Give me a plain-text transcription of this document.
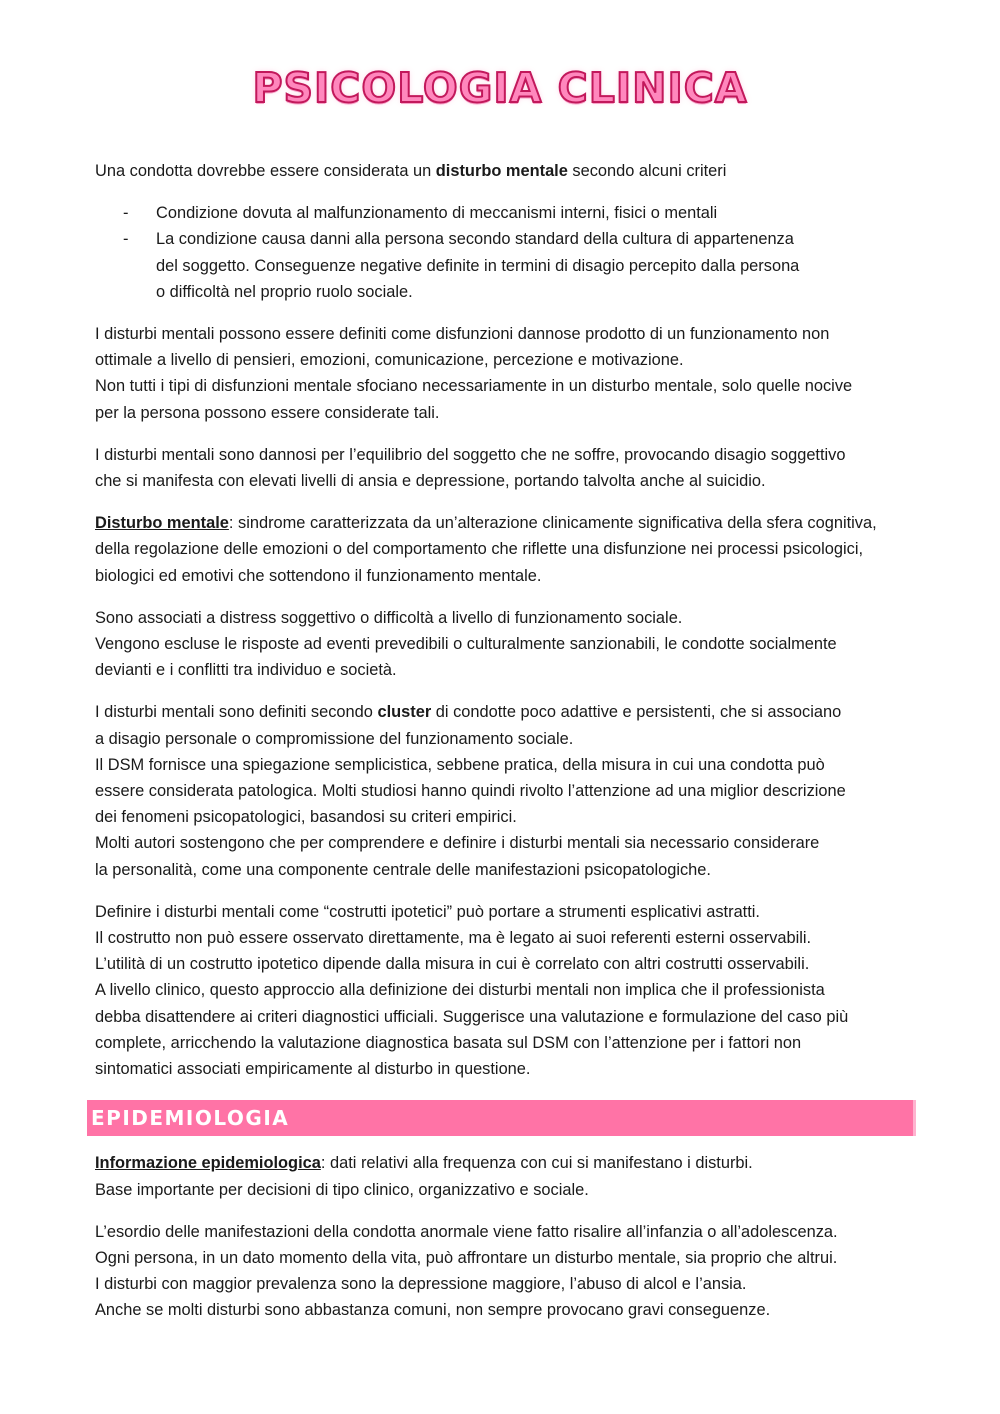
PSICOLOGIA CLINICA

Una condotta dovrebbe essere considerata un disturbo mentale secondo alcuni criteri

- Condizione dovuta al malfunzionamento di meccanismi interni, fisici o mentali
- La condizione causa danni alla persona secondo standard della cultura di appartenenza
del soggetto. Conseguenze negative definite in termini di disagio percepito dalla persona
o difficoltà nel proprio ruolo sociale.

I disturbi mentali possono essere definiti come disfunzioni dannose prodotto di un funzionamento non
ottimale a livello di pensieri, emozioni, comunicazione, percezione e motivazione.
Non tutti i tipi di disfunzioni mentale sfociano necessariamente in un disturbo mentale, solo quelle nocive
per la persona possono essere considerate tali.

I disturbi mentali sono dannosi per l’equilibrio del soggetto che ne soffre, provocando disagio soggettivo
che si manifesta con elevati livelli di ansia e depressione, portando talvolta anche al suicidio.

Disturbo mentale: sindrome caratterizzata da un’alterazione clinicamente significativa della sfera cognitiva,
della regolazione delle emozioni o del comportamento che riflette una disfunzione nei processi psicologici,
biologici ed emotivi che sottendono il funzionamento mentale.

Sono associati a distress soggettivo o difficoltà a livello di funzionamento sociale.
Vengono escluse le risposte ad eventi prevedibili o culturalmente sanzionabili, le condotte socialmente
devianti e i conflitti tra individuo e società.

I disturbi mentali sono definiti secondo cluster di condotte poco adattive e persistenti, che si associano
a disagio personale o compromissione del funzionamento sociale.
Il DSM fornisce una spiegazione semplicistica, sebbene pratica, della misura in cui una condotta può
essere considerata patologica. Molti studiosi hanno quindi rivolto l’attenzione ad una miglior descrizione
dei fenomeni psicopatologici, basandosi su criteri empirici.
Molti autori sostengono che per comprendere e definire i disturbi mentali sia necessario considerare
la personalità, come una componente centrale delle manifestazioni psicopatologiche.

Definire i disturbi mentali come “costrutti ipotetici” può portare a strumenti esplicativi astratti.
Il costrutto non può essere osservato direttamente, ma è legato ai suoi referenti esterni osservabili.
L’utilità di un costrutto ipotetico dipende dalla misura in cui è correlato con altri costrutti osservabili.
A livello clinico, questo approccio alla definizione dei disturbi mentali non implica che il professionista
debba disattendere ai criteri diagnostici ufficiali. Suggerisce una valutazione e formulazione del caso più
complete, arricchendo la valutazione diagnostica basata sul DSM con l’attenzione per i fattori non
sintomatici associati empiricamente al disturbo in questione.

EPIDEMIOLOGIA

Informazione epidemiologica: dati relativi alla frequenza con cui si manifestano i disturbi.
Base importante per decisioni di tipo clinico, organizzativo e sociale.

L’esordio delle manifestazioni della condotta anormale viene fatto risalire all’infanzia o all’adolescenza.
Ogni persona, in un dato momento della vita, può affrontare un disturbo mentale, sia proprio che altrui.
I disturbi con maggior prevalenza sono la depressione maggiore, l’abuso di alcol e l’ansia.
Anche se molti disturbi sono abbastanza comuni, non sempre provocano gravi conseguenze.
